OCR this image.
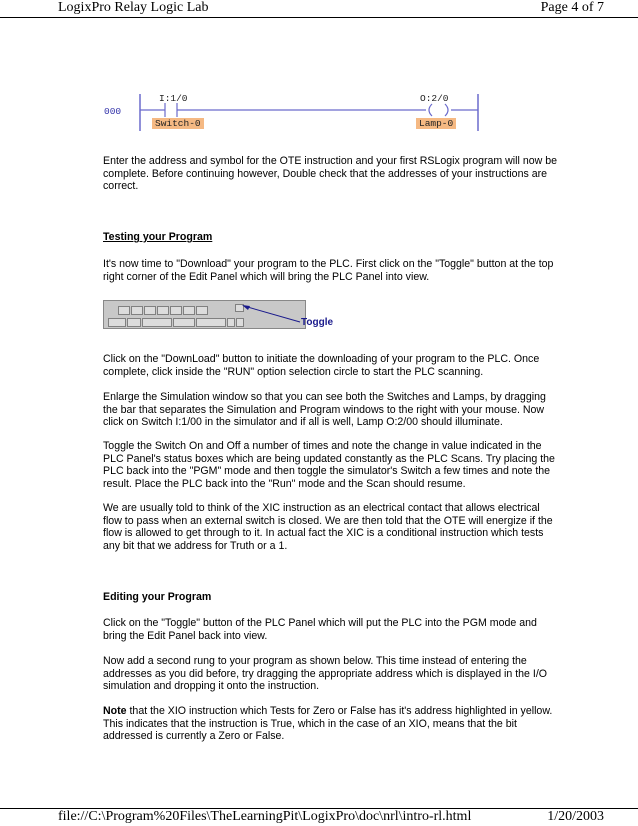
LogixPro Relay Logic Lab	Page 4 of 7
000
I:1/0
Switch-0
O:2/0
Lamp-0

Enter the address and symbol for the OTE instruction and your first RSLogix program will now be complete. Before continuing however, Double check that the addresses of your instructions are correct.

Testing your Program

It's now time to "Download" your program to the PLC. First click on the "Toggle" button at the top right corner of the Edit Panel which will bring the PLC Panel into view.

Toggle

Click on the "DownLoad" button to initiate the downloading of your program to the PLC. Once complete, click inside the "RUN" option selection circle to start the PLC scanning.

Enlarge the Simulation window so that you can see both the Switches and Lamps, by dragging the bar that separates the Simulation and Program windows to the right with your mouse. Now click on Switch I:1/00 in the simulator and if all is well, Lamp O:2/00 should illuminate.

Toggle the Switch On and Off a number of times and note the change in value indicated in the PLC Panel's status boxes which are being updated constantly as the PLC Scans. Try placing the PLC back into the "PGM" mode and then toggle the simulator's Switch a few times and note the result. Place the PLC back into the "Run" mode and the Scan should resume.

We are usually told to think of the XIC instruction as an electrical contact that allows electrical flow to pass when an external switch is closed. We are then told that the OTE will energize if the flow is allowed to get through to it. In actual fact the XIC is a conditional instruction which tests any bit that we address for Truth or a 1.

Editing your Program

Click on the "Toggle" button of the PLC Panel which will put the PLC into the PGM mode and bring the Edit Panel back into view.

Now add a second rung to your program as shown below. This time instead of entering the addresses as you did before, try dragging the appropriate address which is displayed in the I/O simulation and dropping it onto the instruction.

Note that the XIO instruction which Tests for Zero or False has it's address highlighted in yellow. This indicates that the instruction is True, which in the case of an XIO, means that the bit addressed is currently a Zero or False.

file://C:\Program%20Files\TheLearningPit\LogixPro\doc\nrl\intro-rl.html	1/20/2003
